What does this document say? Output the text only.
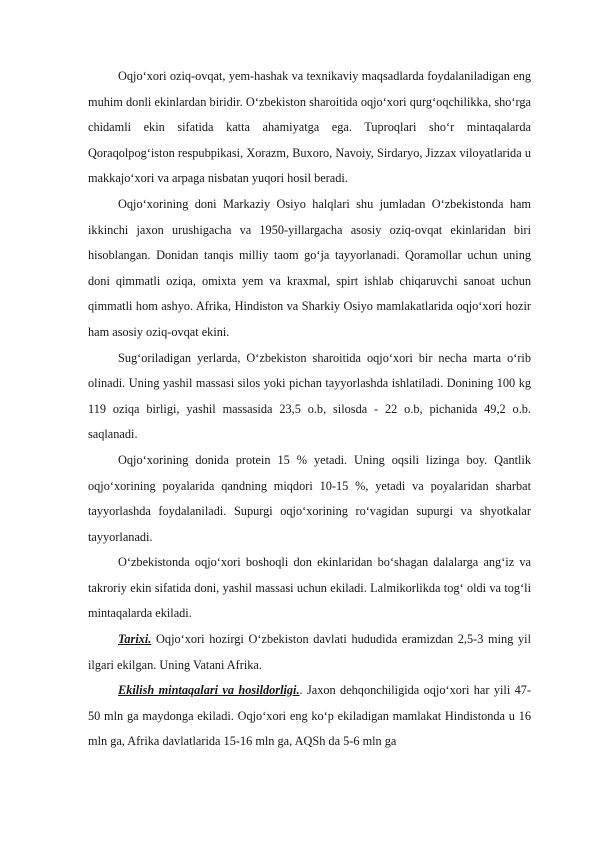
Oqjo‘xori oziq-ovqat, yem-hashak va texnikaviy maqsadlarda foydalaniladigan eng muhim donli ekinlardan biridir. O‘zbekiston sharoitida oqjo‘xori qurg‘oqchilikka, sho‘rga chidamli ekin sifatida katta ahamiyatga ega. Tuproqlari sho‘r mintaqalarda Qoraqolpog‘iston respubpikasi, Xorazm, Buxoro, Navoiy, Sirdaryo, Jizzax viloyatlarida u makkajo‘xori va arpaga nisbatan yuqori hosil beradi.

Oqjo‘xorining doni Markaziy Osiyo halqlari shu jumladan O‘zbekistonda ham ikkinchi jaxon urushigacha va 1950-yillargacha asosiy oziq-ovqat ekinlaridan biri hisoblangan. Donidan tanqis milliy taom go‘ja tayyorlanadi. Qoramollar uchun uning doni qimmatli oziqa, omixta yem va kraxmal, spirt ishlab chiqaruvchi sanoat uchun qimmatli hom ashyo. Afrika, Hindiston va Sharkiy Osiyo mamlakatlarida oqjo‘xori hozir ham asosiy oziq-ovqat ekini.

Sug‘oriladigan yerlarda, O‘zbekiston sharoitida oqjo‘xori bir necha marta o‘rib olinadi. Uning yashil massasi silos yoki pichan tayyorlashda ishlatiladi. Donining 100 kg 119 oziqa birligi, yashil massasida 23,5 o.b, silosda - 22 o.b, pichanida 49,2 o.b. saqlanadi.

Oqjo‘xorining donida protein 15 % yetadi. Uning oqsili lizinga boy. Qantlik oqjo‘xorining poyalarida qandning miqdori 10-15 %, yetadi va poyalaridan sharbat tayyorlashda foydalaniladi. Supurgi oqjo‘xorining ro‘vagidan supurgi va shyotkalar tayyorlanadi.

O‘zbekistonda oqjo‘xori boshoqli don ekinlaridan bo‘shagan dalalarga ang‘iz va takroriy ekin sifatida doni, yashil massasi uchun ekiladi. Lalmikorlikda tog‘ oldi va tog‘li mintaqalarda ekiladi.

Tarixi. Oqjo‘xori hozirgi O‘zbekiston davlati hududida eramizdan 2,5-3 ming yil ilgari ekilgan. Uning Vatani Afrika.

Ekilish mintaqalari va hosildorligi.. Jaxon dehqonchiligida oqjo‘xori har yili 47-50 mln ga maydonga ekiladi. Oqjo‘xori eng ko‘p ekiladigan mamlakat Hindistonda u 16 mln ga, Afrika davlatlarida 15-16 mln ga, AQSh da 5-6 mln ga
